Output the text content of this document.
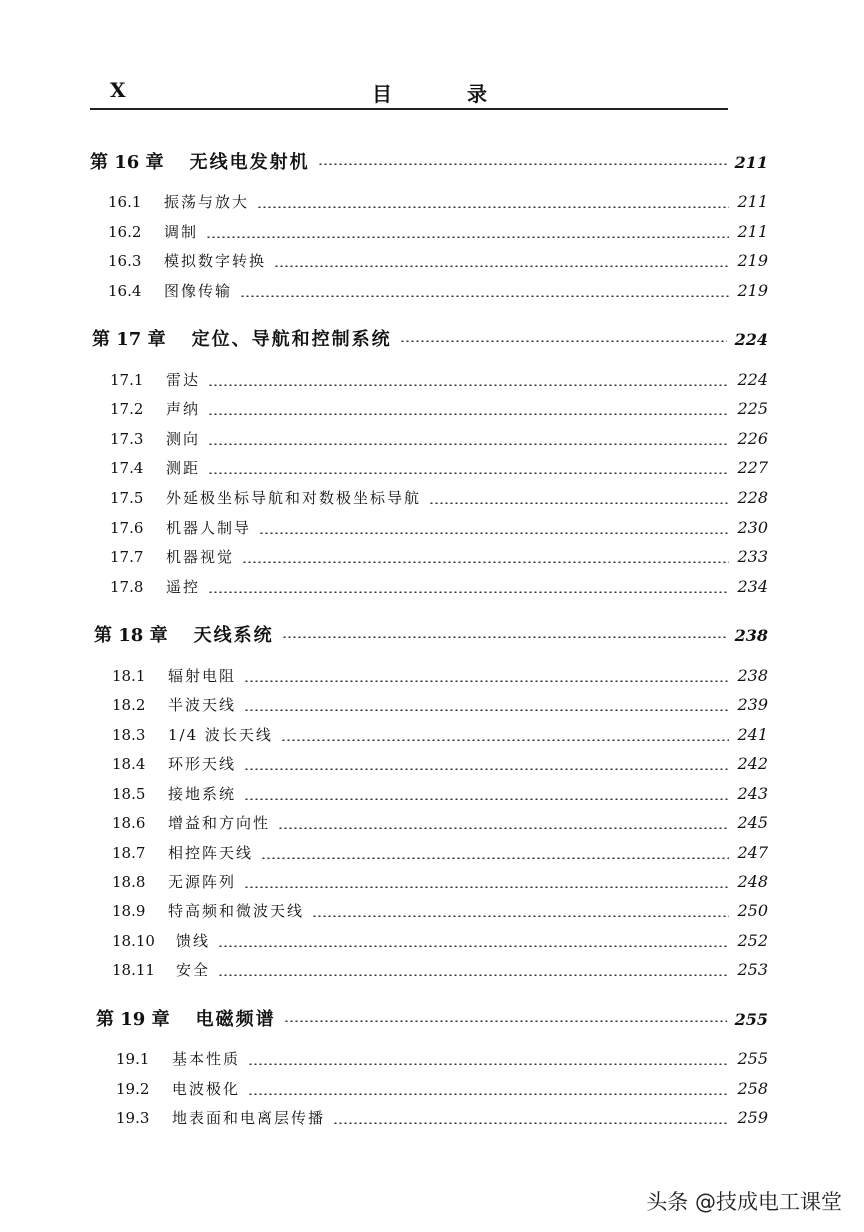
X	目 录
第 16 章 无线电发射机	211
16.1	振荡与放大	211
16.2	调制	211
16.3	模拟数字转换	219
16.4	图像传输	219
第 17 章 定位、导航和控制系统	224
17.1	雷达	224
17.2	声纳	225
17.3	测向	226
17.4	测距	227
17.5	外延极坐标导航和对数极坐标导航	228
17.6	机器人制导	230
17.7	机器视觉	233
17.8	遥控	234
第 18 章 天线系统	238
18.1	辐射电阻	238
18.2	半波天线	239
18.3	1/4 波长天线	241
18.4	环形天线	242
18.5	接地系统	243
18.6	增益和方向性	245
18.7	相控阵天线	247
18.8	无源阵列	248
18.9	特高频和微波天线	250
18.10	馈线	252
18.11	安全	253
第 19 章 电磁频谱	255
19.1	基本性质	255
19.2	电波极化	258
19.3	地表面和电离层传播	259
头条 @技成电工课堂
